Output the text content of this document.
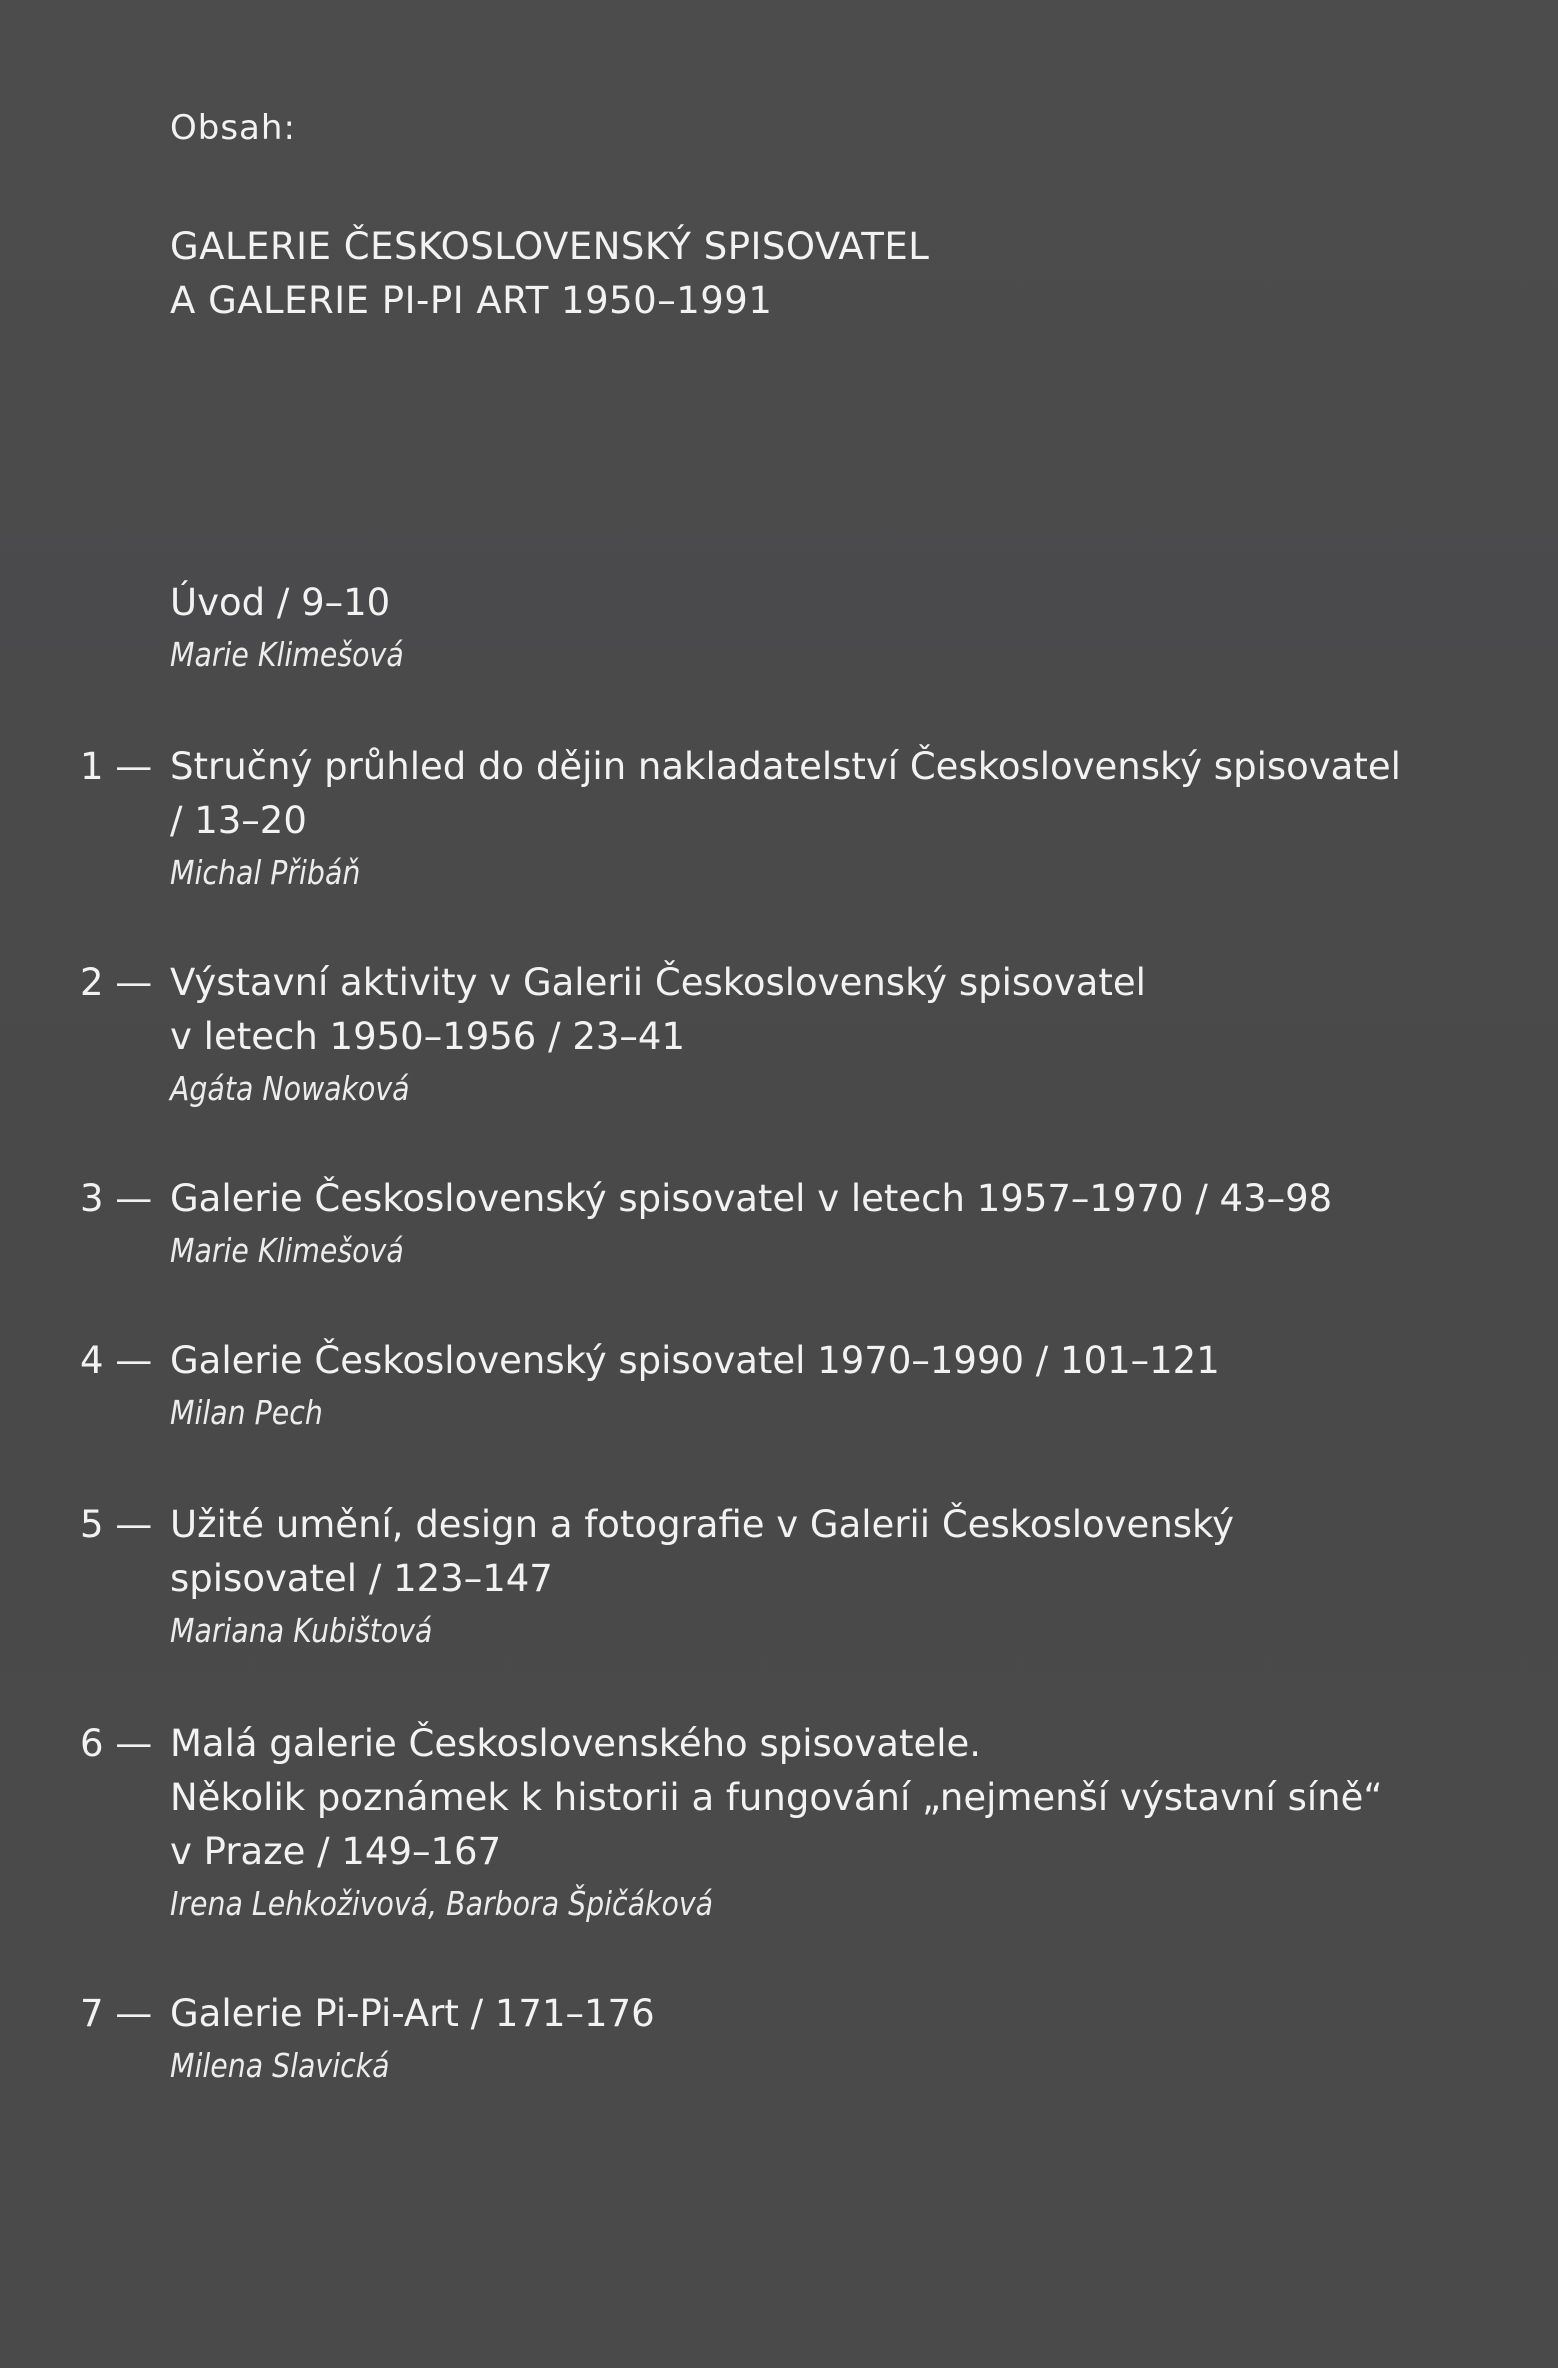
Obsah:
GALERIE ČESKOSLOVENSKÝ SPISOVATEL
A GALERIE PI-PI ART 1950–1991
Úvod / 9–10
Marie Klimešová
1 — Stručný průhled do dějin nakladatelství Československý spisovatel
/ 13–20
Michal Přibáň
2 — Výstavní aktivity v Galerii Československý spisovatel
v letech 1950–1956 / 23–41
Agáta Nowaková
3 — Galerie Československý spisovatel v letech 1957–1970 / 43–98
Marie Klimešová
4 — Galerie Československý spisovatel 1970–1990 / 101–121
Milan Pech
5 — Užité umění, design a fotografie v Galerii Československý
spisovatel / 123–147
Mariana Kubištová
6 — Malá galerie Československého spisovatele.
Několik poznámek k historii a fungování „nejmenší výstavní síně“
v Praze / 149–167
Irena Lehkoživová, Barbora Špičáková
7 — Galerie Pi-Pi-Art / 171–176
Milena Slavická
